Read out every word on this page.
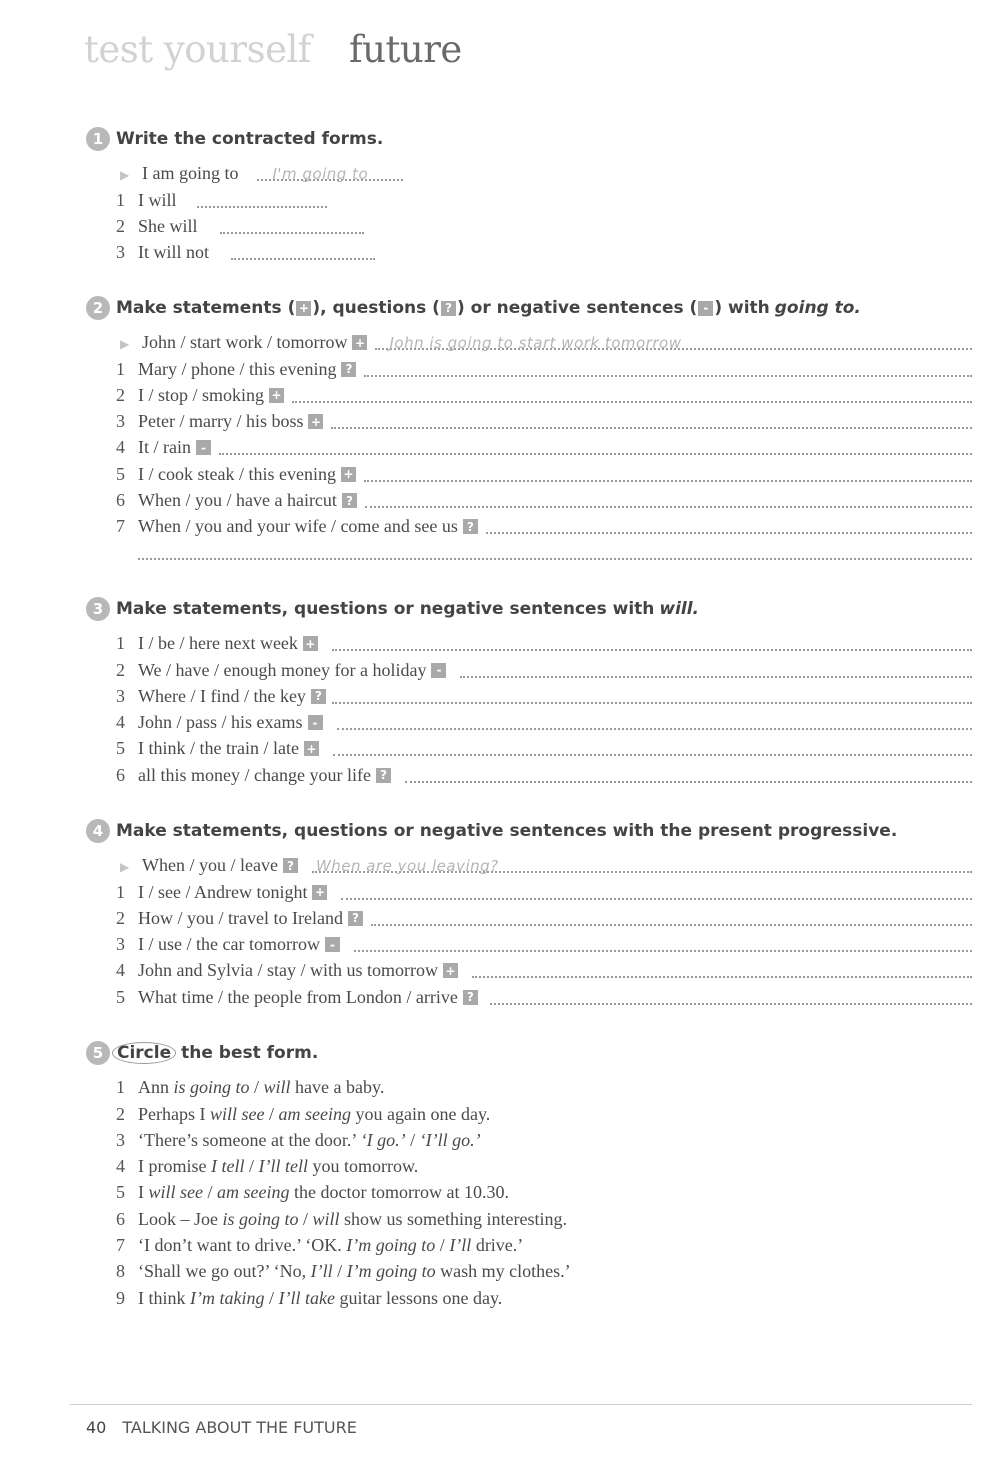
test yourself future
1 Write the contracted forms.
▶ I am going to I'm going to
1 I will
2 She will
3 It will not
2 Make statements ( + ), questions ( ? ) or negative sentences ( - ) with going to.
▶ John / start work / tomorrow + John is going to start work tomorrow
1 Mary / phone / this evening ?
2 I / stop / smoking +
3 Peter / marry / his boss +
4 It / rain -
5 I / cook steak / this evening +
6 When / you / have a haircut ?
7 When / you and your wife / come and see us ?
3 Make statements, questions or negative sentences with will.
1 I / be / here next week +
2 We / have / enough money for a holiday -
3 Where / I find / the key ?
4 John / pass / his exams -
5 I think / the train / late +
6 all this money / change your life ?
4 Make statements, questions or negative sentences with the present progressive.
▶ When / you / leave ? When are you leaving?
1 I / see / Andrew tonight +
2 How / you / travel to Ireland ?
3 I / use / the car tomorrow -
4 John and Sylvia / stay / with us tomorrow +
5 What time / the people from London / arrive ?
5 Circle the best form.
1 Ann is going to / will have a baby.
2 Perhaps I will see / am seeing you again one day.
3 ‘There’s someone at the door.’ ‘I go.’ / ‘I’ll go.’
4 I promise I tell / I’ll tell you tomorrow.
5 I will see / am seeing the doctor tomorrow at 10.30.
6 Look – Joe is going to / will show us something interesting.
7 ‘I don’t want to drive.’ ‘OK. I’m going to / I’ll drive.’
8 ‘Shall we go out?’ ‘No, I’ll / I’m going to wash my clothes.’
9 I think I’m taking / I’ll take guitar lessons one day.
40 TALKING ABOUT THE FUTURE
